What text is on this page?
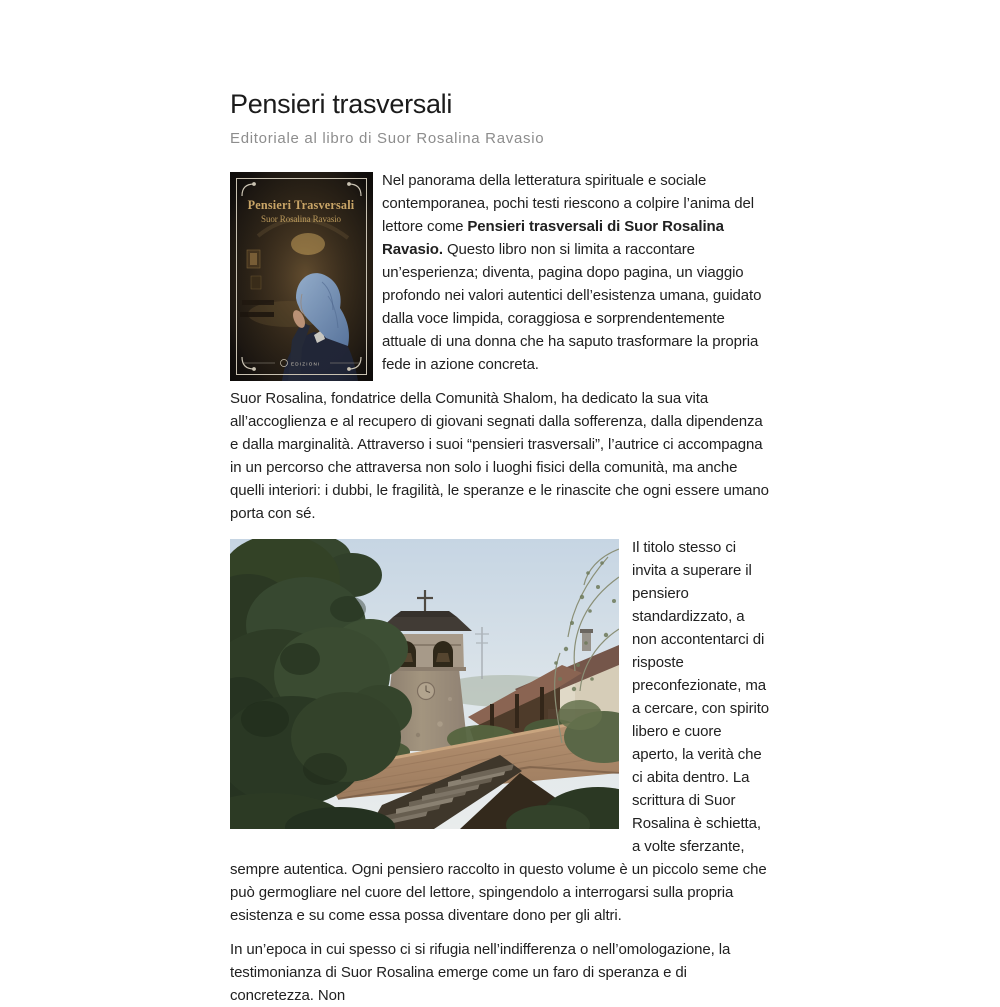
Pensieri trasversali
Editoriale al libro di Suor Rosalina Ravasio
Pensieri Trasversali
Suor Rosalina Ravasio
EDIZIONI

Nel panorama della letteratura spirituale e sociale contemporanea, pochi testi riescono a colpire l’anima del lettore come Pensieri trasversali di Suor Rosalina Ravasio. Questo libro non si limita a raccontare un’esperienza; diventa, pagina dopo pagina, un viaggio profondo nei valori autentici dell’esistenza umana, guidato dalla voce limpida, coraggiosa e sorprendentemente attuale di una donna che ha saputo trasformare la propria fede in azione concreta.

Suor Rosalina, fondatrice della Comunità Shalom, ha dedicato la sua vita all’accoglienza e al recupero di giovani segnati dalla sofferenza, dalla dipendenza e dalla marginalità. Attraverso i suoi “pensieri trasversali”, l’autrice ci accompagna in un percorso che attraversa non solo i luoghi fisici della comunità, ma anche quelli interiori: i dubbi, le fragilità, le speranze e le rinascite che ogni essere umano porta con sé.

Il titolo stesso ci invita a superare il pensiero standardizzato, a non accontentarci di risposte preconfezionate, ma a cercare, con spirito libero e cuore aperto, la verità che ci abita dentro. La scrittura di Suor Rosalina è schietta, a volte sferzante, sempre autentica. Ogni pensiero raccolto in questo volume è un piccolo seme che può germogliare nel cuore del lettore, spingendolo a interrogarsi sulla propria esistenza e su come essa possa diventare dono per gli altri.

In un’epoca in cui spesso ci si rifugia nell’indifferenza o nell’omologazione, la testimonianza di Suor Rosalina emerge come un faro di speranza e di concretezza. Non
